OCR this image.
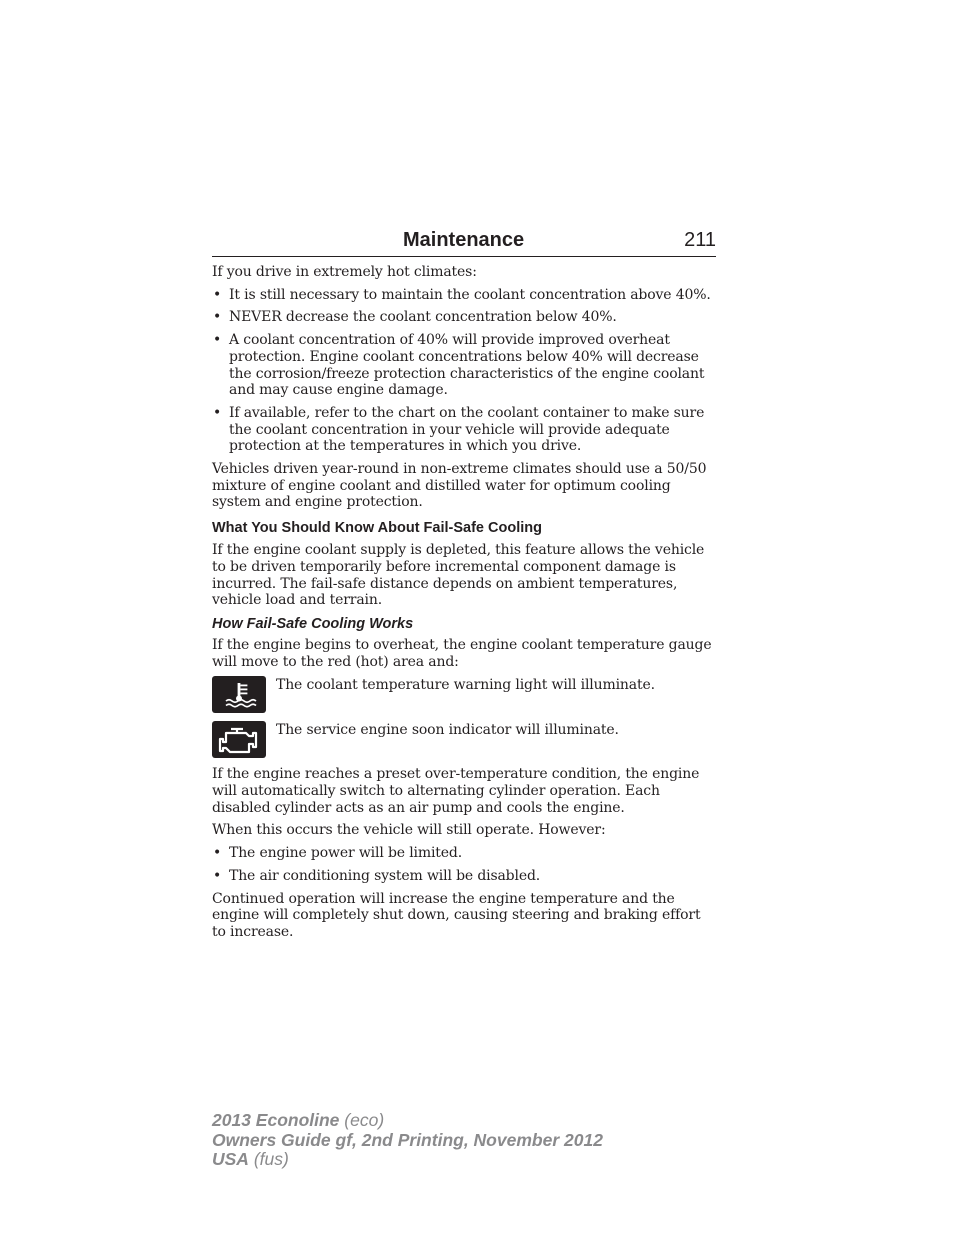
Maintenance	211

If you drive in extremely hot climates:

• It is still necessary to maintain the coolant concentration above 40%.
• NEVER decrease the coolant concentration below 40%.
• A coolant concentration of 40% will provide improved overheat protection. Engine coolant concentrations below 40% will decrease the corrosion/freeze protection characteristics of the engine coolant and may cause engine damage.
• If available, refer to the chart on the coolant container to make sure the coolant concentration in your vehicle will provide adequate protection at the temperatures in which you drive.

Vehicles driven year-round in non-extreme climates should use a 50/50 mixture of engine coolant and distilled water for optimum cooling system and engine protection.

What You Should Know About Fail-Safe Cooling

If the engine coolant supply is depleted, this feature allows the vehicle to be driven temporarily before incremental component damage is incurred. The fail-safe distance depends on ambient temperatures, vehicle load and terrain.

How Fail-Safe Cooling Works

If the engine begins to overheat, the engine coolant temperature gauge will move to the red (hot) area and:

The coolant temperature warning light will illuminate.

The service engine soon indicator will illuminate.

If the engine reaches a preset over-temperature condition, the engine will automatically switch to alternating cylinder operation. Each disabled cylinder acts as an air pump and cools the engine.

When this occurs the vehicle will still operate. However:

• The engine power will be limited.
• The air conditioning system will be disabled.

Continued operation will increase the engine temperature and the engine will completely shut down, causing steering and braking effort to increase.

2013 Econoline (eco)
Owners Guide gf, 2nd Printing, November 2012
USA (fus)
